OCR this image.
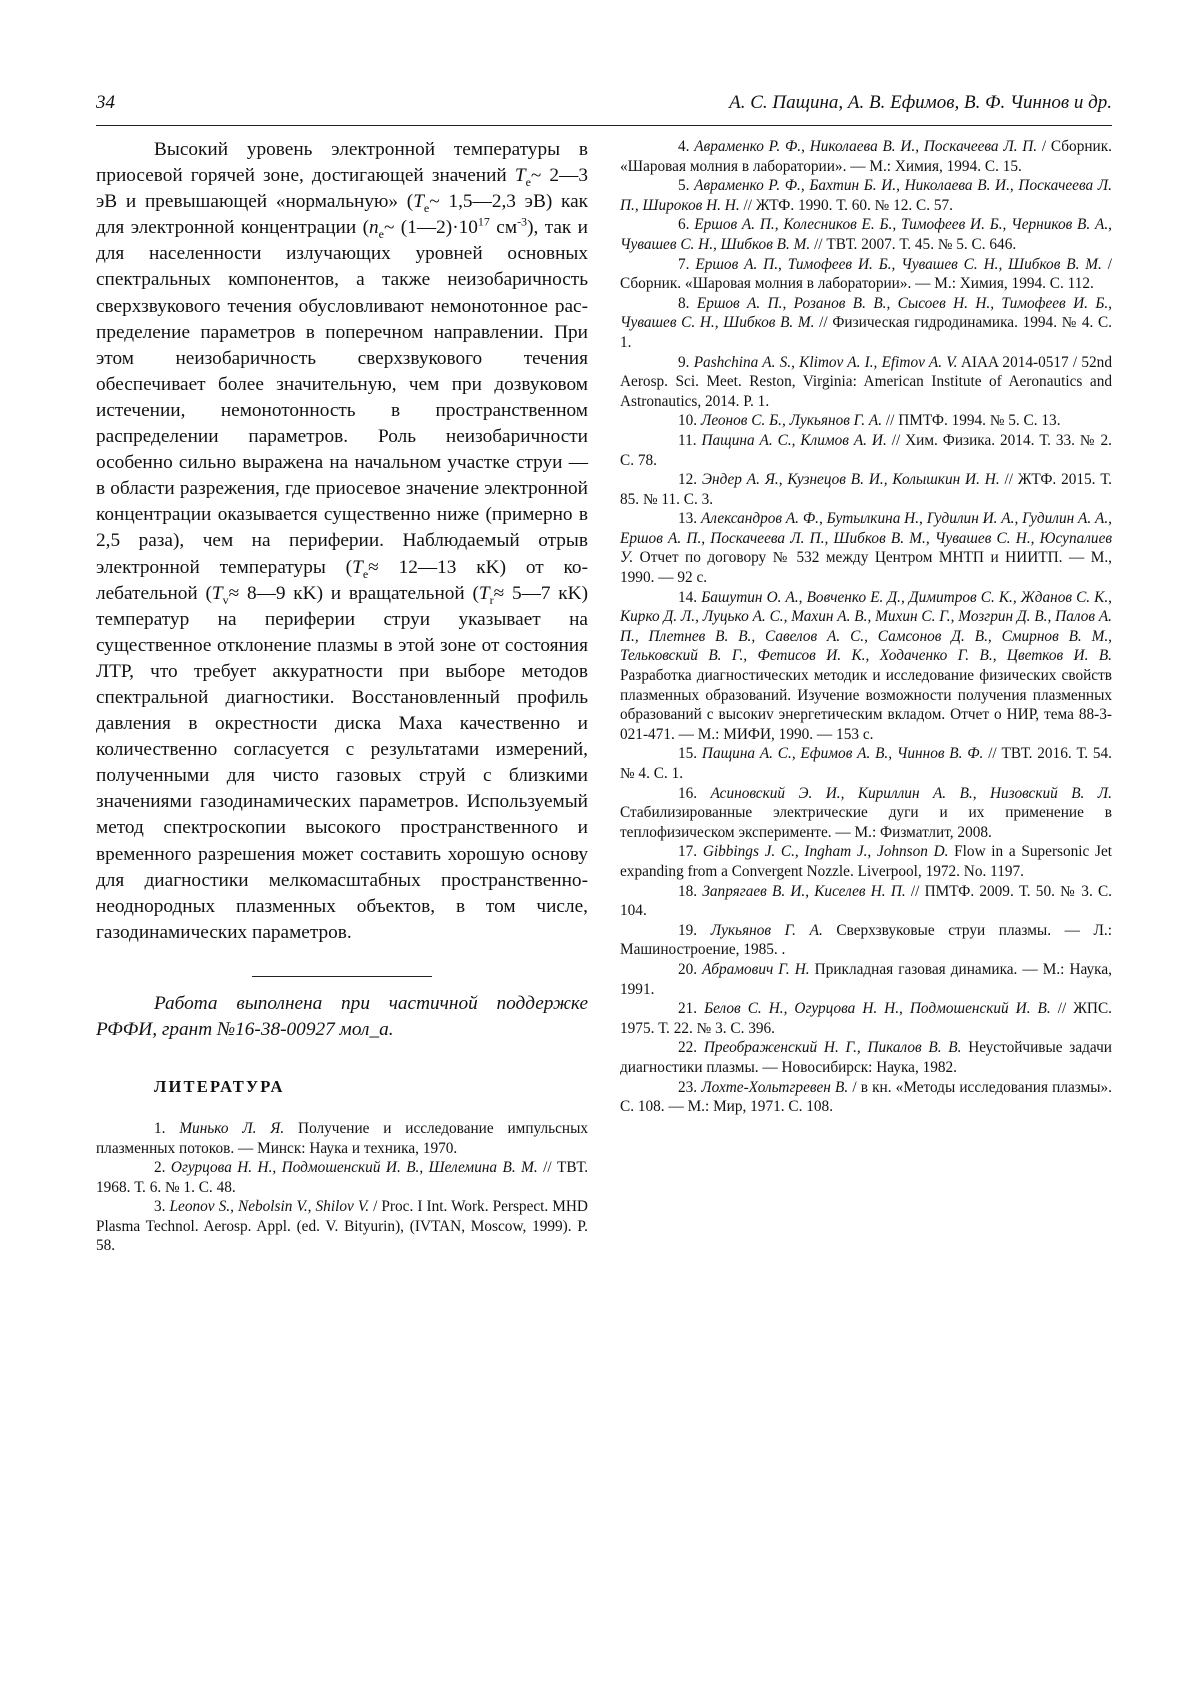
34	А. С. Пащина, А. В. Ефимов, В. Ф. Чиннов и др.

Высокий уровень электронной температуры в приосевой горячей зоне, достигающей значений $T_e\sim$ 2—3 эВ и превышающей «нормальную» ($T_e\sim$ 1,5—2,3 эВ) как для электронной концентрации ($n_e\sim$ $(1—2)\cdot 10^{17}$ $см^{-3}$), так и для населенности излучающих уровней основных спектральных компонентов, а также неизобаричность сверхзвукового течения обусловливают немонотонное распределение параметров в поперечном направлении. При этом неизобаричность сверхзвукового течения обеспечивает более значительную, чем при дозвуковом истечении, немонотонность в пространственном распределении параметров. Роль неизобаричности особенно сильно выражена на начальном участке струи — в области разрежения, где приосевое значение электронной концентрации оказывается существенно ниже (примерно в 2,5 раза), чем на периферии. Наблюдаемый отрыв электронной температуры ($T_e\approx$ 12—13 кK) от колебательной ($T_v\approx$ 8—9 кK) и вращательной ($T_r\approx$ 5—7 кK) температур на периферии струи указывает на существенное отклонение плазмы в этой зоне от состояния ЛТР, что требует аккуратности при выборе методов спектральной диагностики. Восстановленный профиль давления в окрестности диска Маха качественно и количественно согласуется с результатами измерений, полученными для чисто газовых струй с близкими значениями газодинамических параметров. Используемый метод спектроскопии высокого пространственного и временного разрешения может составить хорошую основу для диагностики мелкомасштабных пространственно-неоднородных плазменных объектов, в том числе, газодинамических параметров.

Работа выполнена при частичной поддержке РФФИ, грант №16-38-00927 мол_а.

ЛИТЕРАТУРА

1. Минько Л. Я. Получение и исследование импульсных плазменных потоков. — Минск: Наука и техника, 1970.

2. Огурцова Н. Н., Подмошенский И. В., Шелемина В. М. // ТВТ. 1968. Т. 6. № 1. С. 48.

3. Leonov S., Nebolsin V., Shilov V. / Proc. I Int. Work. Perspect. MHD Plasma Technol. Aerosp. Appl. (ed. V. Bityurin), (IVTAN, Moscow, 1999). P. 58.

4. Авраменко Р. Ф., Николаева В. И., Поскачеева Л. П. / Сборник. «Шаровая молния в лаборатории». — М.: Химия, 1994. С. 15.

5. Авраменко Р. Ф., Бахтин Б. И., Николаева В. И., Поскачеева Л. П., Широков Н. Н. // ЖТФ. 1990. Т. 60. № 12. С. 57.

6. Ершов А. П., Колесников Е. Б., Тимофеев И. Б., Черников В. А., Чувашев С. Н., Шибков В. М. // ТВТ. 2007. Т. 45. № 5. С. 646.

7. Ершов А. П., Тимофеев И. Б., Чувашев С. Н., Шибков В. М. / Сборник. «Шаровая молния в лаборатории». — М.: Химия, 1994. С. 112.

8. Ершов А. П., Розанов В. В., Сысоев Н. Н., Тимофеев И. Б., Чувашев С. Н., Шибков В. М. // Физическая гидродинамика. 1994. № 4. С. 1.

9. Pashchina A. S., Klimov A. I., Efimov A. V. AIAA 2014-0517 / 52nd Aerosp. Sci. Meet. Reston, Virginia: American Institute of Aeronautics and Astronautics, 2014. P. 1.

10. Леонов С. Б., Лукьянов Г. А. // ПМТФ. 1994. № 5. С. 13.

11. Пащина А. С., Климов А. И. // Хим. Физика. 2014. Т. 33. № 2. С. 78.

12. Эндер А. Я., Кузнецов В. И., Колышкин И. Н. // ЖТФ. 2015. Т. 85. № 11. С. 3.

13. Александров А. Ф., Бутылкина Н., Гудилин И. А., Гудилин А. А., Ершов А. П., Поскачеева Л. П., Шибков В. М., Чувашев С. Н., Юсупалиев У. Отчет по договору № 532 между Центром МНТП и НИИТП. — М., 1990. — 92 с.

14. Башутин О. А., Вовченко Е. Д., Димитров С. К., Жданов С. К., Кирко Д. Л., Луцько А. С., Махин А. В., Михин С. Г., Мозгрин Д. В., Палов А. П., Плетнев В. В., Савелов А. С., Самсонов Д. В., Смирнов В. М., Тельковский В. Г., Фетисов И. К., Ходаченко Г. В., Цветков И. В. Разработка диагностических методик и исследование физических свойств плазменных образований. Изучение возможности получения плазменных образований с высокиv энергетическим вкладом. Отчет о НИР, тема 88-3-021-471. — М.: МИФИ, 1990. — 153 с.

15. Пащина А. С., Ефимов А. В., Чиннов В. Ф. // ТВТ. 2016. Т. 54. № 4. С. 1.

16. Асиновский Э. И., Кириллин А. В., Низовский В. Л. Стабилизированные электрические дуги и их применение в теплофизическом эксперименте. — М.: Физматлит, 2008.

17. Gibbings J. C., Ingham J., Johnson D. Flow in a Supersonic Jet expanding from a Convergent Nozzle. Liverpool, 1972. No. 1197.

18. Запрягаев В. И., Киселев Н. П. // ПМТФ. 2009. Т. 50. № 3. С. 104.

19. Лукьянов Г. А. Сверхзвуковые струи плазмы. — Л.: Машиностроение, 1985. .

20. Абрамович Г. Н. Прикладная газовая динамика. — М.: Наука, 1991.

21. Белов С. Н., Огурцова Н. Н., Подмошенский И. В. // ЖПС. 1975. Т. 22. № 3. С. 396.

22. Преображенский Н. Г., Пикалов В. В. Неустойчивые задачи диагностики плазмы. — Новосибирск: Наука, 1982.

23. Лохте-Хольтгревен В. / в кн. «Методы исследования плазмы». С. 108. — М.: Мир, 1971. С. 108.
